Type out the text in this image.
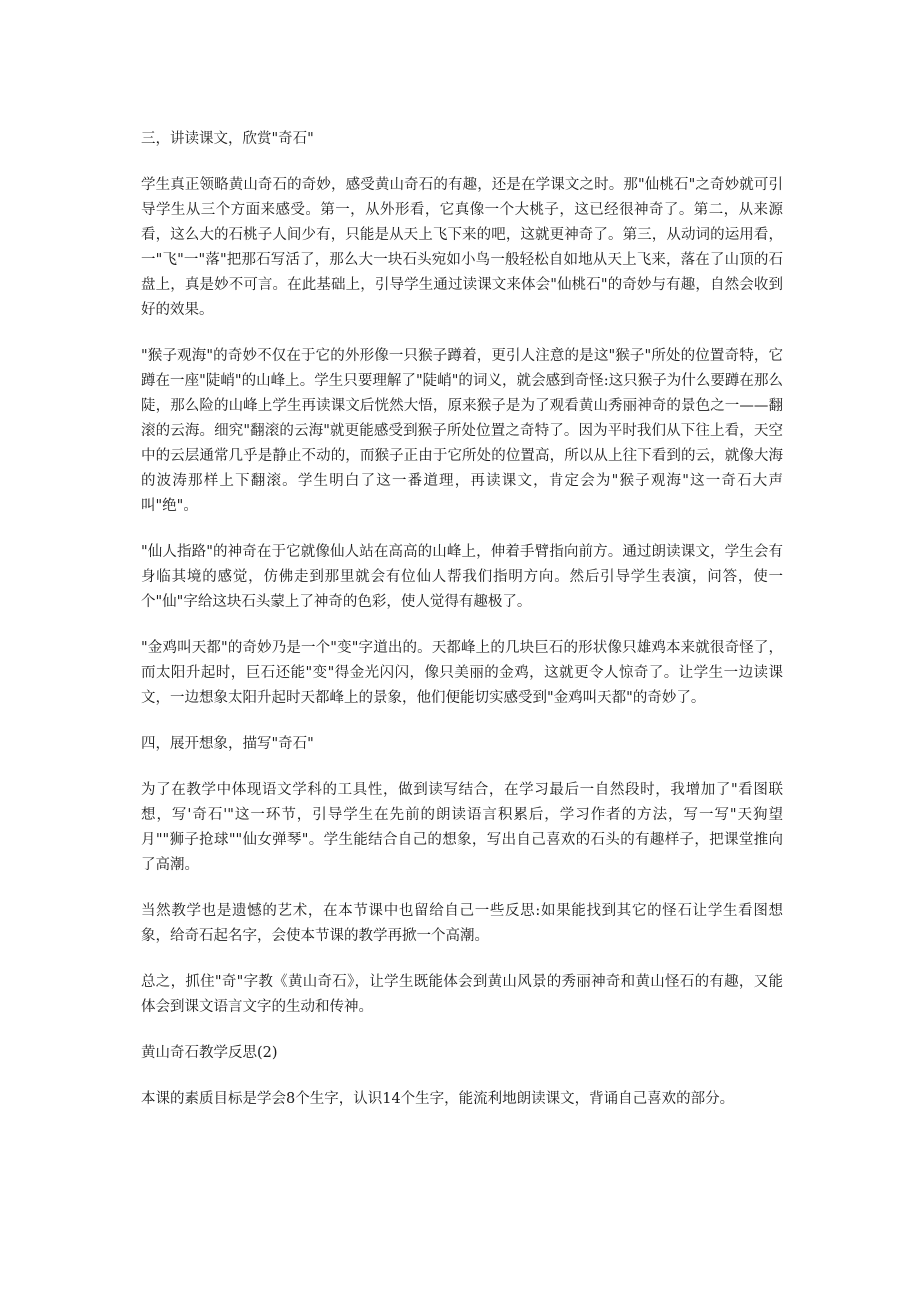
三，讲读课文，欣赏"奇石"

学生真正领略黄山奇石的奇妙，感受黄山奇石的有趣，还是在学课文之时。那"仙桃石"之奇妙就可引导学生从三个方面来感受。第一，从外形看，它真像一个大桃子，这已经很神奇了。第二，从来源看，这么大的石桃子人间少有，只能是从天上飞下来的吧，这就更神奇了。第三，从动词的运用看，一"飞"一"落"把那石写活了，那么大一块石头宛如小鸟一般轻松自如地从天上飞来，落在了山顶的石盘上，真是妙不可言。在此基础上，引导学生通过读课文来体会"仙桃石"的奇妙与有趣，自然会收到好的效果。

"猴子观海"的奇妙不仅在于它的外形像一只猴子蹲着，更引人注意的是这"猴子"所处的位置奇特，它蹲在一座"陡峭"的山峰上。学生只要理解了"陡峭"的词义，就会感到奇怪:这只猴子为什么要蹲在那么陡，那么险的山峰上学生再读课文后恍然大悟，原来猴子是为了观看黄山秀丽神奇的景色之一——翻滚的云海。细究"翻滚的云海"就更能感受到猴子所处位置之奇特了。因为平时我们从下往上看，天空中的云层通常几乎是静止不动的，而猴子正由于它所处的位置高，所以从上往下看到的云，就像大海的波涛那样上下翻滚。学生明白了这一番道理，再读课文，肯定会为"猴子观海"这一奇石大声叫"绝"。

"仙人指路"的神奇在于它就像仙人站在高高的山峰上，伸着手臂指向前方。通过朗读课文，学生会有身临其境的感觉，仿佛走到那里就会有位仙人帮我们指明方向。然后引导学生表演，问答，使一个"仙"字给这块石头蒙上了神奇的色彩，使人觉得有趣极了。

"金鸡叫天都"的奇妙乃是一个"变"字道出的。天都峰上的几块巨石的形状像只雄鸡本来就很奇怪了，而太阳升起时，巨石还能"变"得金光闪闪，像只美丽的金鸡，这就更令人惊奇了。让学生一边读课文，一边想象太阳升起时天都峰上的景象，他们便能切实感受到"金鸡叫天都"的奇妙了。

四，展开想象，描写"奇石"

为了在教学中体现语文学科的工具性，做到读写结合，在学习最后一自然段时，我增加了"看图联想，写'奇石'"这一环节，引导学生在先前的朗读语言积累后，学习作者的方法，写一写"天狗望月""狮子抢球""仙女弹琴"。学生能结合自己的想象，写出自己喜欢的石头的有趣样子，把课堂推向了高潮。

当然教学也是遗憾的艺术，在本节课中也留给自己一些反思:如果能找到其它的怪石让学生看图想象，给奇石起名字，会使本节课的教学再掀一个高潮。

总之，抓住"奇"字教《黄山奇石》，让学生既能体会到黄山风景的秀丽神奇和黄山怪石的有趣，又能体会到课文语言文字的生动和传神。

黄山奇石教学反思(2)

本课的素质目标是学会8个生字，认识14个生字，能流利地朗读课文，背诵自己喜欢的部分。
